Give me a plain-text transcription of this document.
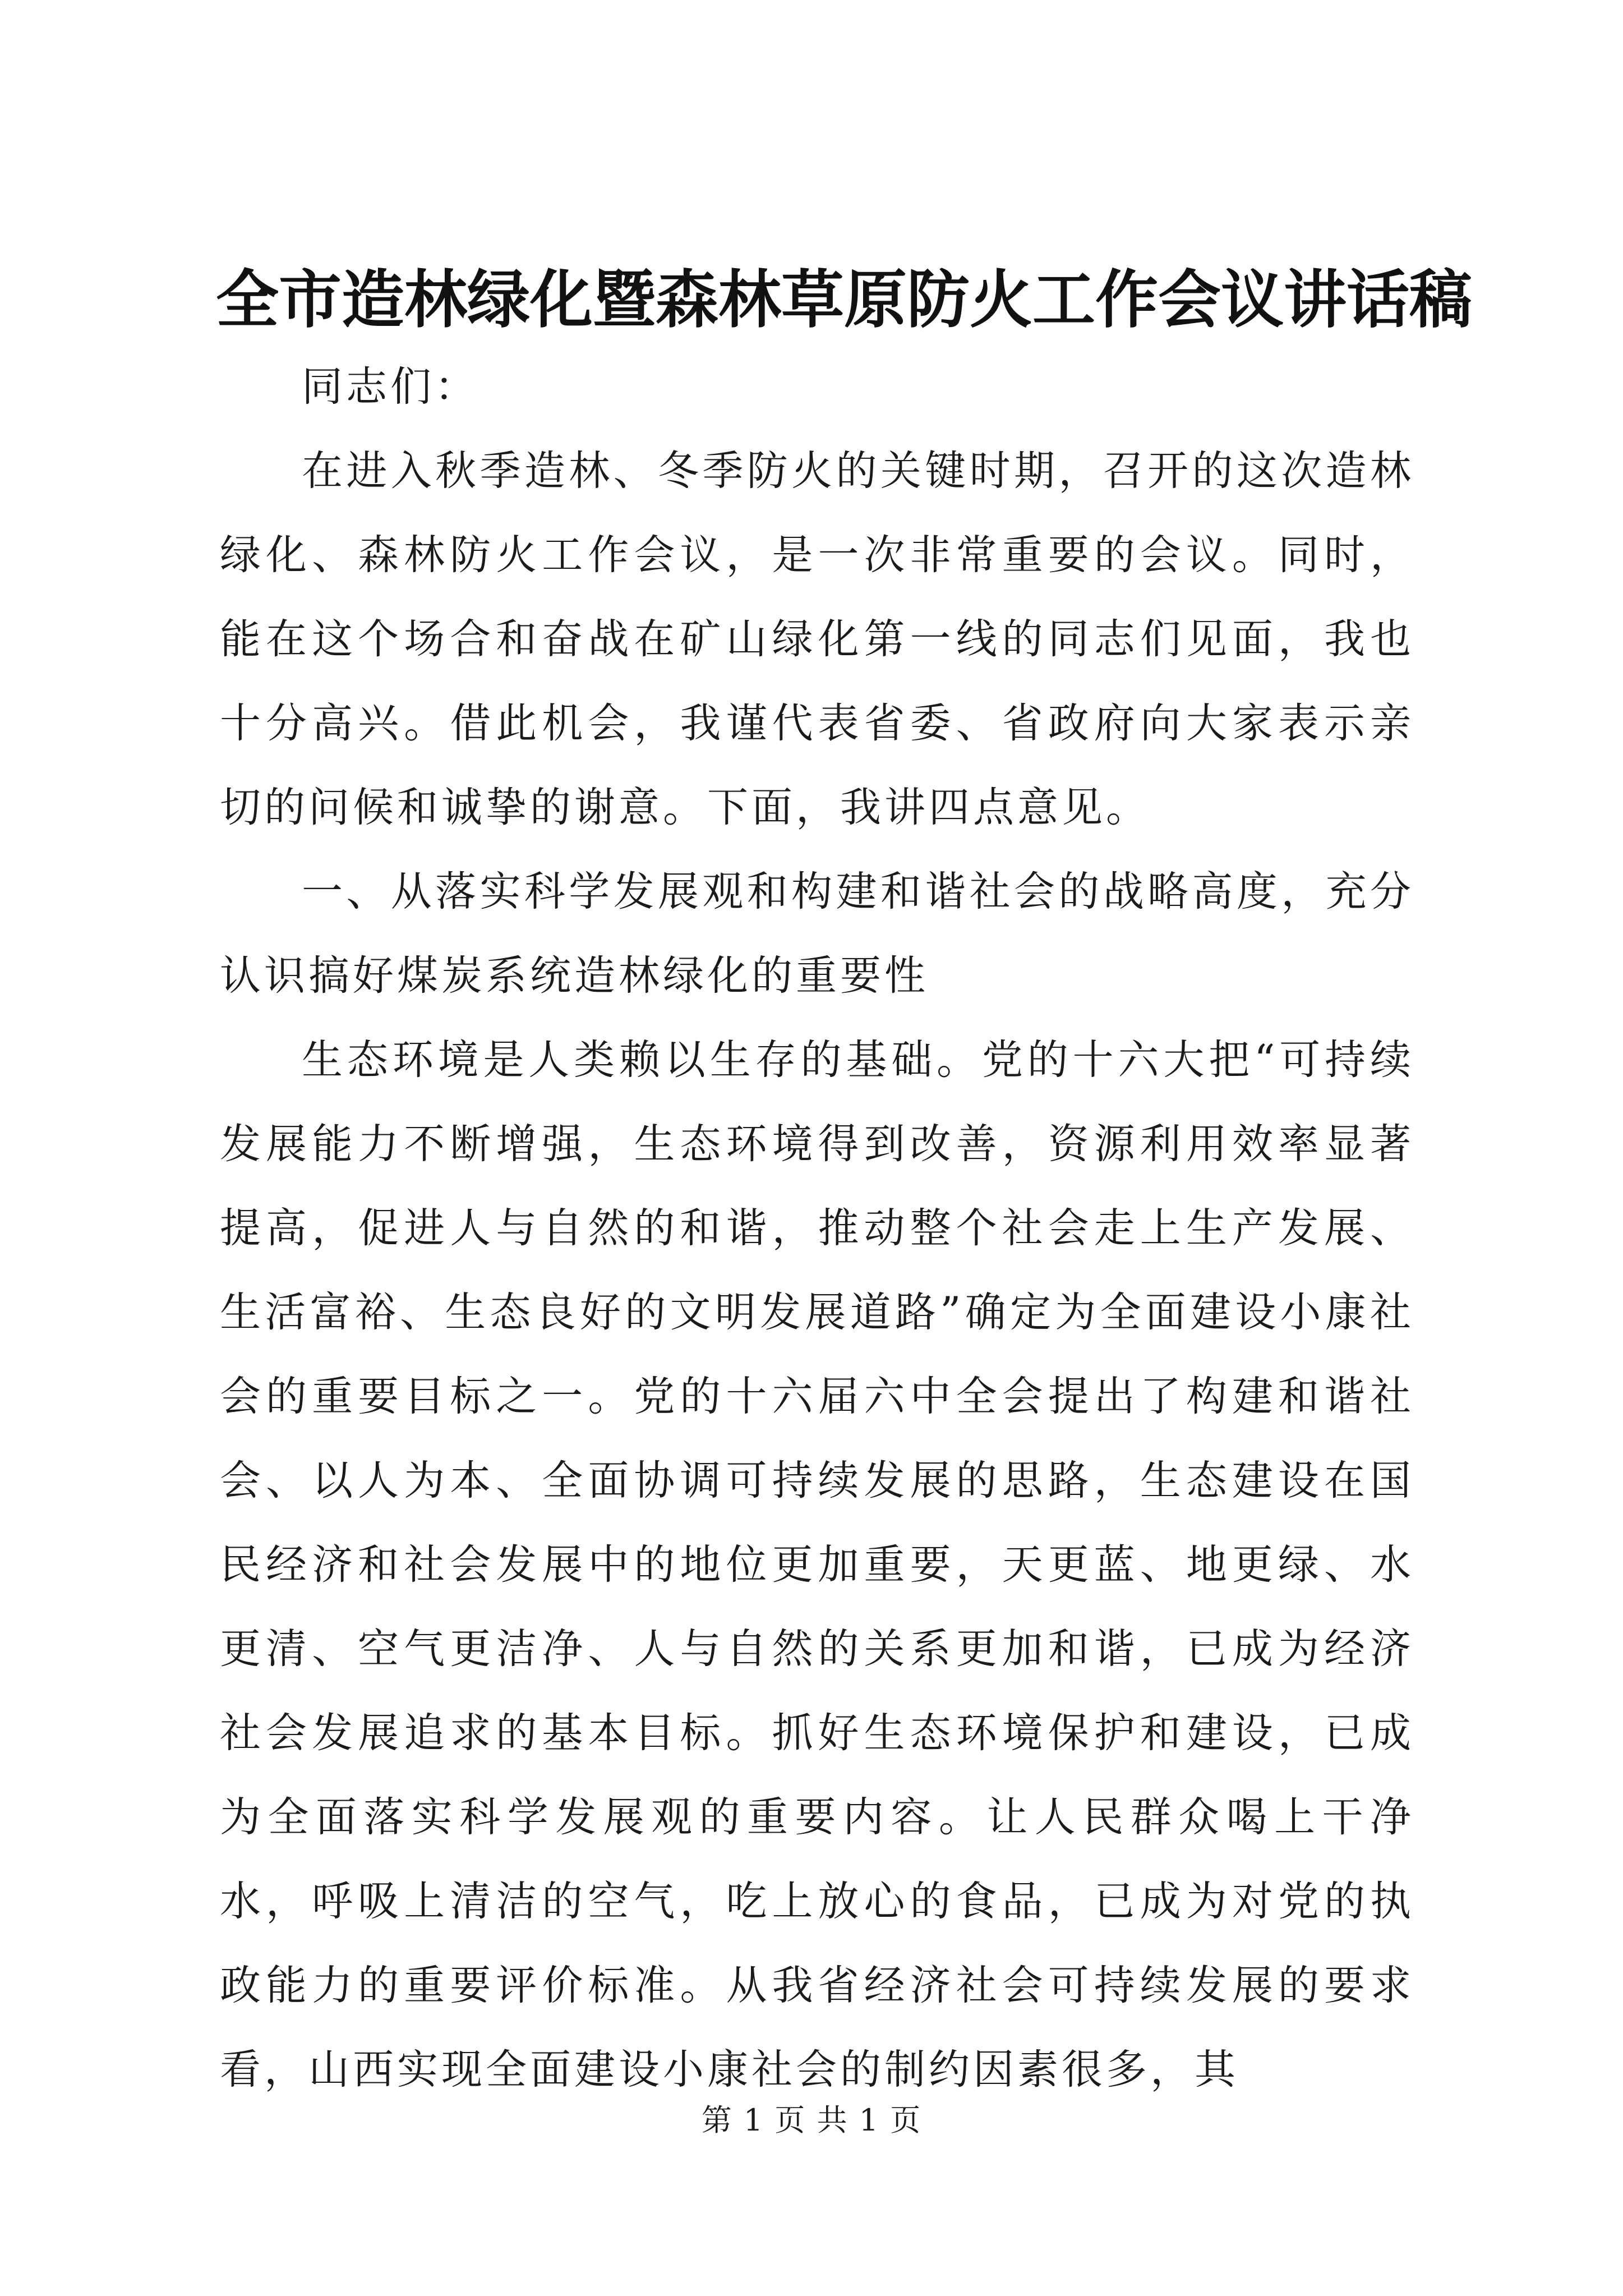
全市造林绿化暨森林草原防火工作会议讲话稿

同志们：

在进入秋季造林、冬季防火的关键时期，召开的这次造林绿化、森林防火工作会议，是一次非常重要的会议。同时，能在这个场合和奋战在矿山绿化第一线的同志们见面，我也十分高兴。借此机会，我谨代表省委、省政府向大家表示亲切的问候和诚挚的谢意。下面，我讲四点意见。

一、从落实科学发展观和构建和谐社会的战略高度，充分认识搞好煤炭系统造林绿化的重要性

生态环境是人类赖以生存的基础。党的十六大把“可持续发展能力不断增强，生态环境得到改善，资源利用效率显著提高，促进人与自然的和谐，推动整个社会走上生产发展、生活富裕、生态良好的文明发展道路”确定为全面建设小康社会的重要目标之一。党的十六届六中全会提出了构建和谐社会、以人为本、全面协调可持续发展的思路，生态建设在国民经济和社会发展中的地位更加重要，天更蓝、地更绿、水更清、空气更洁净、人与自然的关系更加和谐，已成为经济社会发展追求的基本目标。抓好生态环境保护和建设，已成为全面落实科学发展观的重要内容。让人民群众喝上干净水，呼吸上清洁的空气，吃上放心的食品，已成为对党的执政能力的重要评价标准。从我省经济社会可持续发展的要求看，山西实现全面建设小康社会的制约因素很多，其

第 1 页 共 1 页
